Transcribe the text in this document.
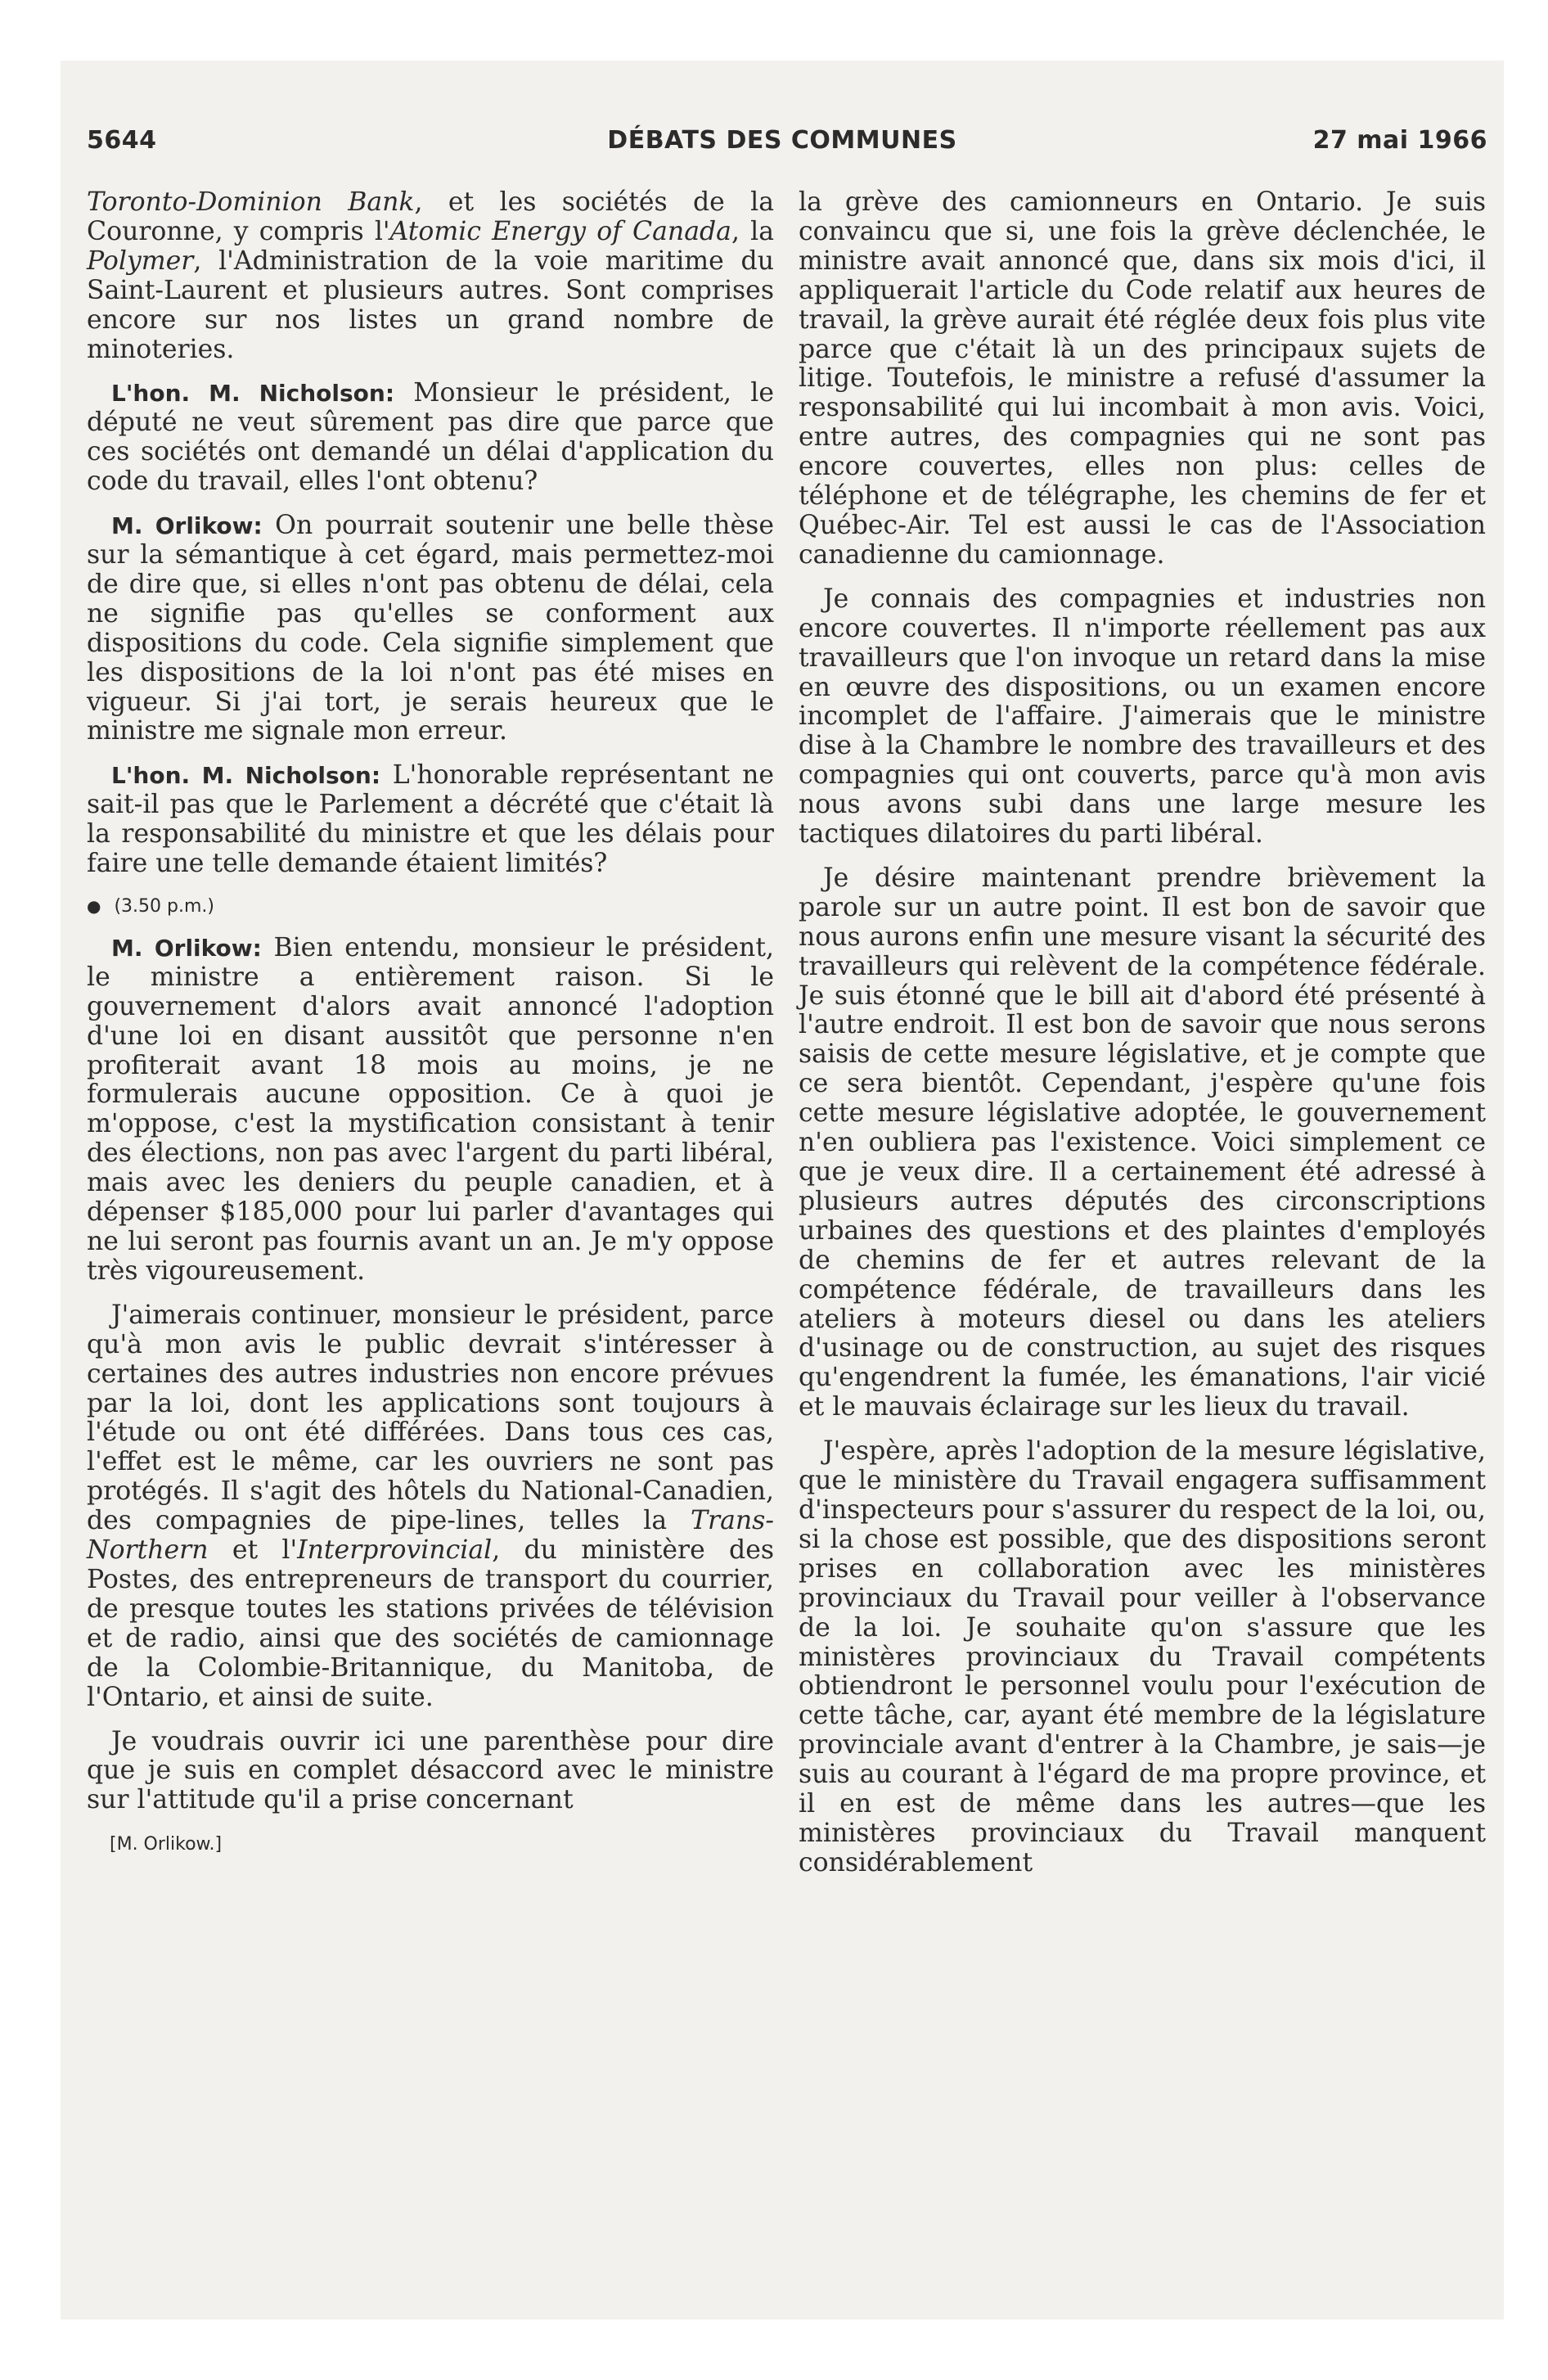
5644	DÉBATS DES COMMUNES	27 mai 1966

Toronto-Dominion Bank, et les sociétés de la Couronne, y compris l'Atomic Energy of Canada, la Polymer, l'Administration de la voie maritime du Saint-Laurent et plusieurs autres. Sont comprises encore sur nos listes un grand nombre de minoteries.

L'hon. M. Nicholson: Monsieur le président, le député ne veut sûrement pas dire que parce que ces sociétés ont demandé un délai d'application du code du travail, elles l'ont obtenu?

M. Orlikow: On pourrait soutenir une belle thèse sur la sémantique à cet égard, mais permettez-moi de dire que, si elles n'ont pas obtenu de délai, cela ne signifie pas qu'elles se conforment aux dispositions du code. Cela signifie simplement que les dispositions de la loi n'ont pas été mises en vigueur. Si j'ai tort, je serais heureux que le ministre me signale mon erreur.

L'hon. M. Nicholson: L'honorable représentant ne sait-il pas que le Parlement a décrété que c'était là la responsabilité du ministre et que les délais pour faire une telle demande étaient limités?

● (3.50 p.m.)

M. Orlikow: Bien entendu, monsieur le président, le ministre a entièrement raison. Si le gouvernement d'alors avait annoncé l'adoption d'une loi en disant aussitôt que personne n'en profiterait avant 18 mois au moins, je ne formulerais aucune opposition. Ce à quoi je m'oppose, c'est la mystification consistant à tenir des élections, non pas avec l'argent du parti libéral, mais avec les deniers du peuple canadien, et à dépenser $185,000 pour lui parler d'avantages qui ne lui seront pas fournis avant un an. Je m'y oppose très vigoureusement.

J'aimerais continuer, monsieur le président, parce qu'à mon avis le public devrait s'intéresser à certaines des autres industries non encore prévues par la loi, dont les applications sont toujours à l'étude ou ont été différées. Dans tous ces cas, l'effet est le même, car les ouvriers ne sont pas protégés. Il s'agit des hôtels du National-Canadien, des compagnies de pipe-lines, telles la Trans-Northern et l'Interprovincial, du ministère des Postes, des entrepreneurs de transport du courrier, de presque toutes les stations privées de télévision et de radio, ainsi que des sociétés de camionnage de la Colombie-Britannique, du Manitoba, de l'Ontario, et ainsi de suite.

Je voudrais ouvrir ici une parenthèse pour dire que je suis en complet désaccord avec le ministre sur l'attitude qu'il a prise concernant

[M. Orlikow.]

la grève des camionneurs en Ontario. Je suis convaincu que si, une fois la grève déclenchée, le ministre avait annoncé que, dans six mois d'ici, il appliquerait l'article du Code relatif aux heures de travail, la grève aurait été réglée deux fois plus vite parce que c'était là un des principaux sujets de litige. Toutefois, le ministre a refusé d'assumer la responsabilité qui lui incombait à mon avis. Voici, entre autres, des compagnies qui ne sont pas encore couvertes, elles non plus: celles de téléphone et de télégraphe, les chemins de fer et Québec-Air. Tel est aussi le cas de l'Association canadienne du camionnage.

Je connais des compagnies et industries non encore couvertes. Il n'importe réellement pas aux travailleurs que l'on invoque un retard dans la mise en œuvre des dispositions, ou un examen encore incomplet de l'affaire. J'aimerais que le ministre dise à la Chambre le nombre des travailleurs et des compagnies qui ont couverts, parce qu'à mon avis nous avons subi dans une large mesure les tactiques dilatoires du parti libéral.

Je désire maintenant prendre brièvement la parole sur un autre point. Il est bon de savoir que nous aurons enfin une mesure visant la sécurité des travailleurs qui relèvent de la compétence fédérale. Je suis étonné que le bill ait d'abord été présenté à l'autre endroit. Il est bon de savoir que nous serons saisis de cette mesure législative, et je compte que ce sera bientôt. Cependant, j'espère qu'une fois cette mesure législative adoptée, le gouvernement n'en oubliera pas l'existence. Voici simplement ce que je veux dire. Il a certainement été adressé à plusieurs autres députés des circonscriptions urbaines des questions et des plaintes d'employés de chemins de fer et autres relevant de la compétence fédérale, de travailleurs dans les ateliers à moteurs diesel ou dans les ateliers d'usinage ou de construction, au sujet des risques qu'engendrent la fumée, les émanations, l'air vicié et le mauvais éclairage sur les lieux du travail.

J'espère, après l'adoption de la mesure législative, que le ministère du Travail engagera suffisamment d'inspecteurs pour s'assurer du respect de la loi, ou, si la chose est possible, que des dispositions seront prises en collaboration avec les ministères provinciaux du Travail pour veiller à l'observance de la loi. Je souhaite qu'on s'assure que les ministères provinciaux du Travail compétents obtiendront le personnel voulu pour l'exécution de cette tâche, car, ayant été membre de la législature provinciale avant d'entrer à la Chambre, je sais—je suis au courant à l'égard de ma propre province, et il en est de même dans les autres—que les ministères provinciaux du Travail manquent considérablement
